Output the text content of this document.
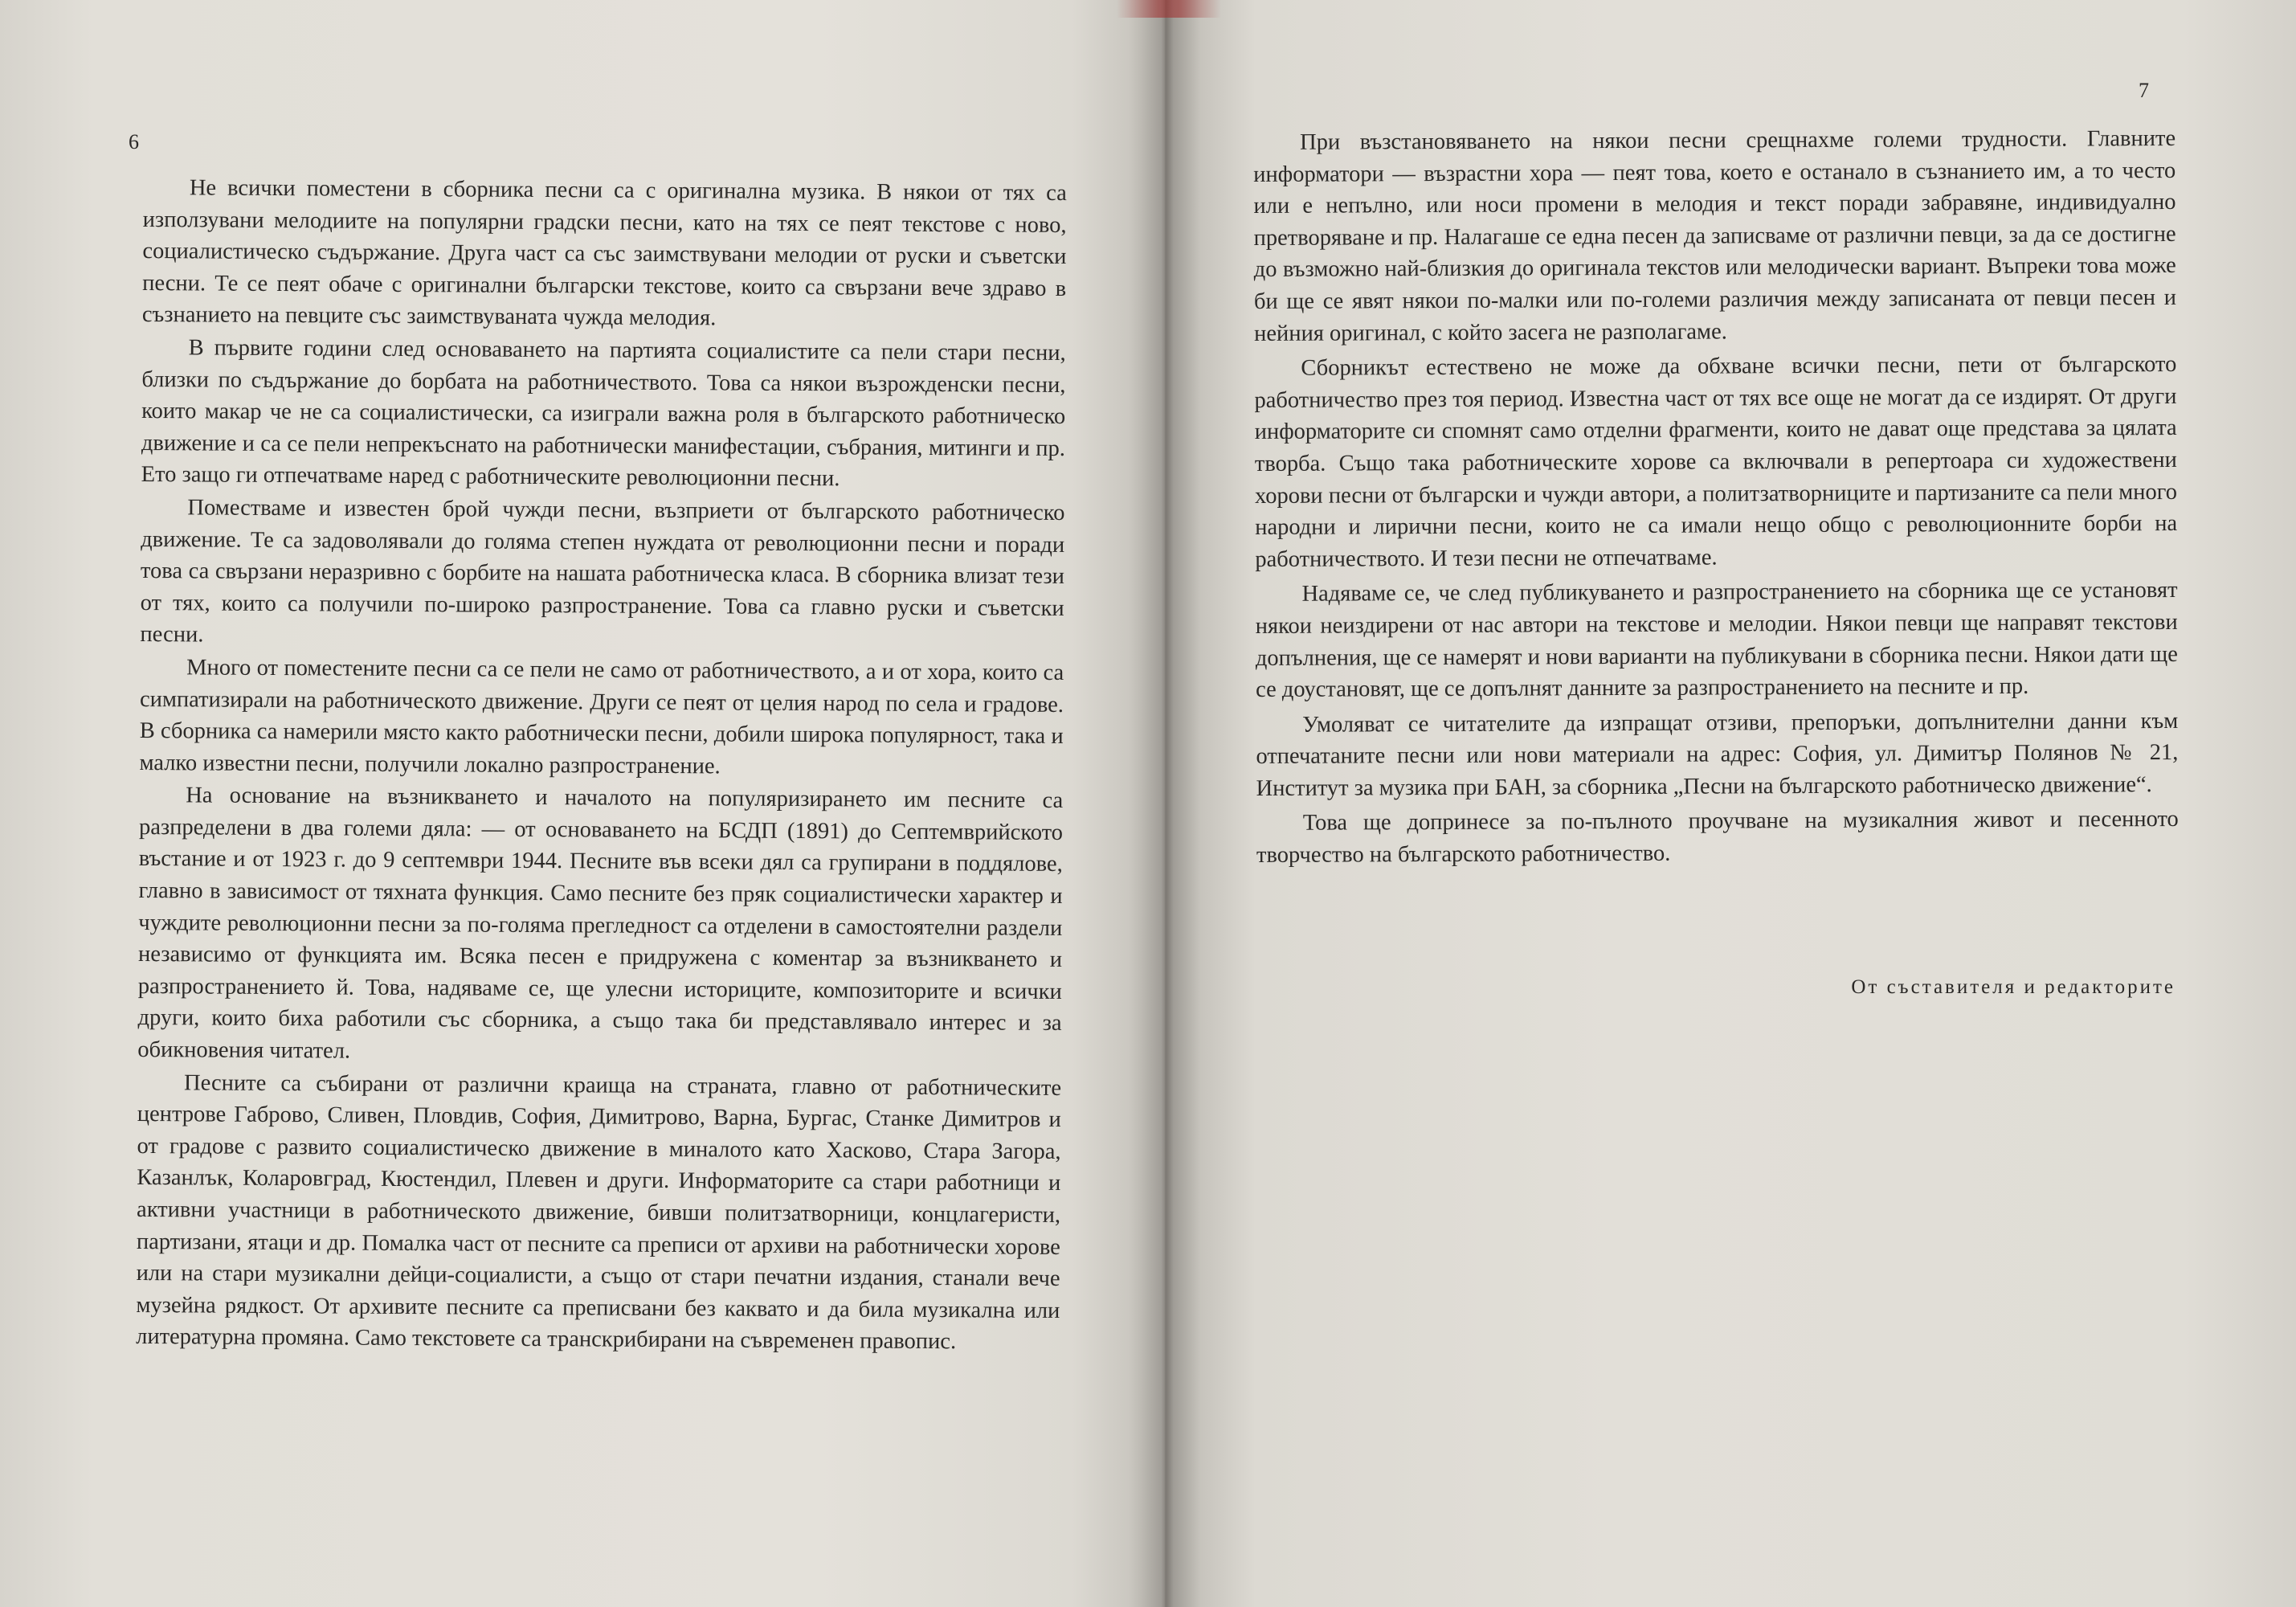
6

Не всички поместени в сборника песни са с оригинална музика. В някои от тях са използувани мелодиите на популярни градски песни, като на тях се пеят текстове с ново, социалистическо съдържание. Друга част са със заимствувани мелодии от руски и съветски песни. Те се пеят обаче с оригинални български текстове, които са свързани вече здраво в съзнанието на певците със заимствуваната чужда мелодия.

В първите години след основаването на партията социалистите са пели стари песни, близки по съдържание до борбата на работничеството. Това са някои възрожденски песни, които макар че не са социалистически, са изиграли важна роля в българското работническо движение и са се пели непрекъснато на работнически манифестации, събрания, митинги и пр. Ето защо ги отпечатваме наред с работническите революционни песни.

Поместваме и известен брой чужди песни, възприети от българското работническо движение. Те са задоволявали до голяма степен нуждата от революционни песни и поради това са свързани неразривно с борбите на нашата работническа класа. В сборника влизат тези от тях, които са получили по-широко разпространение. Това са главно руски и съветски песни.

Много от поместените песни са се пели не само от работничеството, а и от хора, които са симпатизирали на работническото движение. Други се пеят от целия народ по села и градове. В сборника са намерили място както работнически песни, добили широка популярност, така и малко известни песни, получили локално разпространение.

На основание на възникването и началото на популяризирането им песните са разпределени в два големи дяла: — от основаването на БСДП (1891) до Септемврийското въстание и от 1923 г. до 9 септември 1944. Песните във всеки дял са групирани в поддялове, главно в зависимост от тяхната функция. Само песните без пряк социалистически характер и чуждите революционни песни за по-голяма прегледност са отделени в самостоятелни раздели независимо от функцията им. Всяка песен е придружена с коментар за възникването и разпространението й. Това, надяваме се, ще улесни историците, композиторите и всички други, които биха работили със сборника, а също така би представлявало интерес и за обикновения читател.

Песните са събирани от различни краища на страната, главно от работническите центрове Габрово, Сливен, Пловдив, София, Димитрово, Варна, Бургас, Станке Димитров и от градове с развито социалистическо движение в миналото като Хасково, Стара Загора, Казанлък, Коларовград, Кюстендил, Плевен и други. Информаторите са стари работници и активни участници в работническото движение, бивши политзатворници, концлагеристи, партизани, ятаци и др. Помалка част от песните са преписи от архиви на работнически хорове или на стари музикални дейци-социалисти, а също от стари печатни издания, станали вече музейна рядкост. От архивите песните са преписвани без каквато и да била музикална или литературна промяна. Само текстовете са транскрибирани на съвременен правопис.

7

При възстановяването на някои песни срещнахме големи трудности. Главните информатори — възрастни хора — пеят това, което е останало в съзнанието им, а то често или е непълно, или носи промени в мелодия и текст поради забравяне, индивидуално претворяване и пр. Налагаше се една песен да записваме от различни певци, за да се достигне до възможно най-близкия до оригинала текстов или мелодически вариант. Въпреки това може би ще се явят някои по-малки или по-големи различия между записаната от певци песен и нейния оригинал, с който засега не разполагаме.

Сборникът естествено не може да обхване всички песни, пети от българското работничество през тоя период. Известна част от тях все още не могат да се издирят. От други информаторите си спомнят само отделни фрагменти, които не дават още представа за цялата творба. Също така работническите хорове са включвали в репертоара си художествени хорови песни от български и чужди автори, а политзатворниците и партизаните са пели много народни и лирични песни, които не са имали нещо общо с революционните борби на работничеството. И тези песни не отпечатваме.

Надяваме се, че след публикуването и разпространението на сборника ще се установят някои неиздирени от нас автори на текстове и мелодии. Някои певци ще направят текстови допълнения, ще се намерят и нови варианти на публикувани в сборника песни. Някои дати ще се доустановят, ще се допълнят данните за разпространението на песните и пр.

Умоляват се читателите да изпращат отзиви, препоръки, допълнителни данни към отпечатаните песни или нови материали на адрес: София, ул. Димитър Полянов № 21, Институт за музика при БАН, за сборника „Песни на българското работническо движение“.

Това ще допринесе за по-пълното проучване на музикалния живот и песенното творчество на българското работничество.

От съставителя и редакторите
